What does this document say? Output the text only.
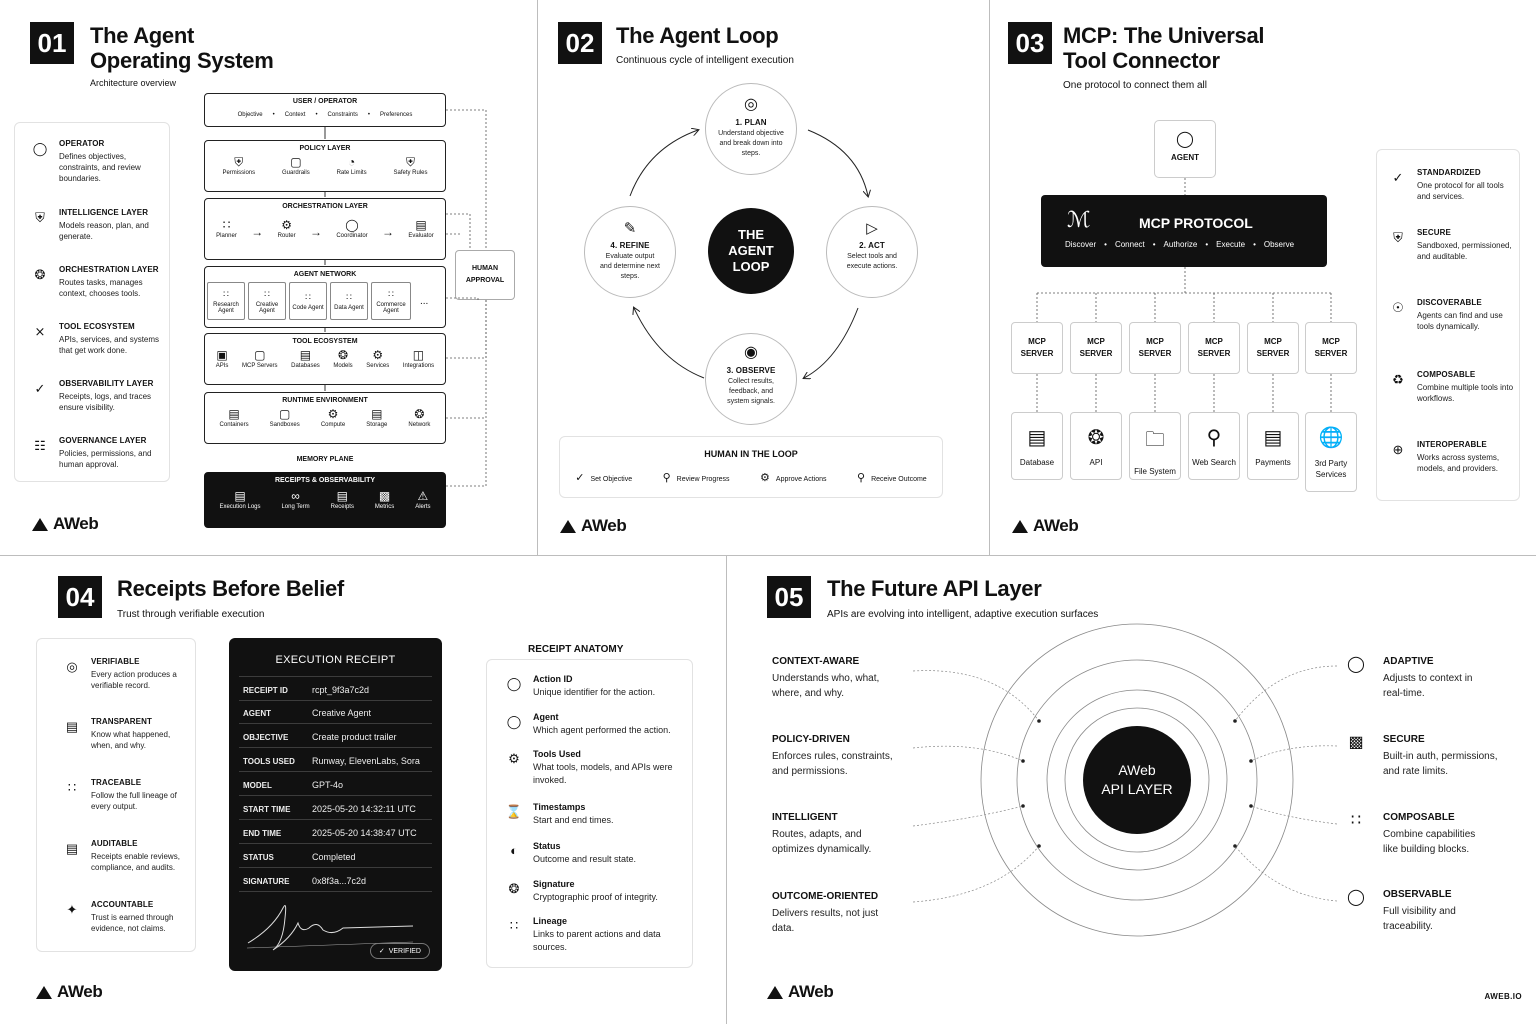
01	The Agent
Operating System
Architecture overview
◯ OPERATOR
Defines objectives, constraints, and review boundaries.
⛨	INTELLIGENCE LAYER
Models reason, plan, and generate.
❂	ORCHESTRATION LAYER
Routes tasks, manages context, chooses tools.
⨯	TOOL ECOSYSTEM
APIs, services, and systems that get work done.
✓	OBSERVABILITY LAYER
Receipts, logs, and traces ensure visibility.
☷	GOVERNANCE LAYER
Policies, permissions, and human approval.
USER / OPERATOR
Objective • Context • Constraints • Preferences
POLICY LAYER
⛨
Permissions
▢
Guardrails
◔
Rate Limits
⛨
Safety Rules
ORCHESTRATION LAYER
∷
Planner → ⚙
Router → ◯
Coordinator → ▤
Evaluator
AGENT NETWORK
∷
Research Agent
∷
Creative Agent
∷
Code Agent
∷
Data Agent
∷
Commerce Agent
...
TOOL ECOSYSTEM
▣
APIs
▢
MCP Servers
▤
Databases
❂
Models
⚙
Services
◫
Integrations
RUNTIME ENVIRONMENT
▤
Containers
▢
Sandboxes
⚙
Compute
▤
Storage
❂
Network
MEMORY PLANE
RECEIPTS & OBSERVABILITY
▤
Execution Logs
∞
Long Term
▤
Receipts
▩
Metrics
⚠
Alerts
HUMAN APPROVAL
AWeb
02 The Agent Loop
Continuous cycle of intelligent execution
THE AGENT LOOP
◎
1. PLAN
Understand objective and break down into steps.
▷
2. ACT
Select tools and execute actions.
◉
3. OBSERVE
Collect results, feedback, and system signals.
✎
4. REFINE
Evaluate output and determine next steps.
HUMAN IN THE LOOP
✓ Set Objective	⚲ Review Progress	⚙ Approve Actions	⚲ Receive Outcome
AWeb
03 MCP: The Universal
Tool Connector
One protocol to connect them all
◯
AGENT
ℳ	MCP PROTOCOL
Discover • Connect • Authorize • Execute • Observe
MCP SERVER
MCP SERVER
MCP SERVER
MCP SERVER
MCP SERVER
MCP SERVER
▤
Database
❂
API
🗀
File System
⚲
Web Search
▤
Payments
🌐
3rd Party Services
✓	STANDARDIZED
One protocol for all tools and services.
⛨	SECURE
Sandboxed, permissioned, and auditable.
☉	DISCOVERABLE
Agents can find and use tools dynamically.
♻	COMPOSABLE
Combine multiple tools into workflows.
⊕	INTEROPERABLE
Works across systems, models, and providers.
AWeb
04	Receipts Before Belief
Trust through verifiable execution
◎	VERIFIABLE
Every action produces a verifiable record.
▤	TRANSPARENT
Know what happened, when, and why.
∷	TRACEABLE
Follow the full lineage of every output.
▤	AUDITABLE
Receipts enable reviews, compliance, and audits.
✦	ACCOUNTABLE
Trust is earned through evidence, not claims.
EXECUTION RECEIPT
RECEIPT ID	rcpt_9f3a7c2d
AGENT	Creative Agent
OBJECTIVE	Create product trailer
TOOLS USED Runway, ElevenLabs, Sora
MODEL	GPT-4o
START TIME 2025-05-20 14:32:11 UTC
END TIME	2025-05-20 14:38:47 UTC
STATUS	Completed
SIGNATURE 0x8f3a...7c2d
✓ VERIFIED
RECEIPT ANATOMY
◯ Action ID
Unique identifier for the action.
◯ Agent
Which agent performed the action.
⚙	Tools Used
What tools, models, and APIs were invoked.
⌛ Timestamps
Start and end times.
◐	Status
Outcome and result state.
❂	Signature
Cryptographic proof of integrity.
∷	Lineage
Links to parent actions and data sources.
AWeb
05	The Future API Layer
APIs are evolving into intelligent, adaptive execution surfaces
AWeb
API LAYER
CONTEXT-AWARE
Understands who, what, where, and why.
POLICY-DRIVEN
Enforces rules, constraints, and permissions.
INTELLIGENT
Routes, adapts, and optimizes dynamically.
OUTCOME-ORIENTED
Delivers results, not just data.
◯ ADAPTIVE
Adjusts to context in real-time.
▩ SECURE
Built-in auth, permissions, and rate limits.
∷	COMPOSABLE
Combine capabilities like building blocks.
◯ OBSERVABLE
Full visibility and traceability.
AWeb	AWEB.IO
